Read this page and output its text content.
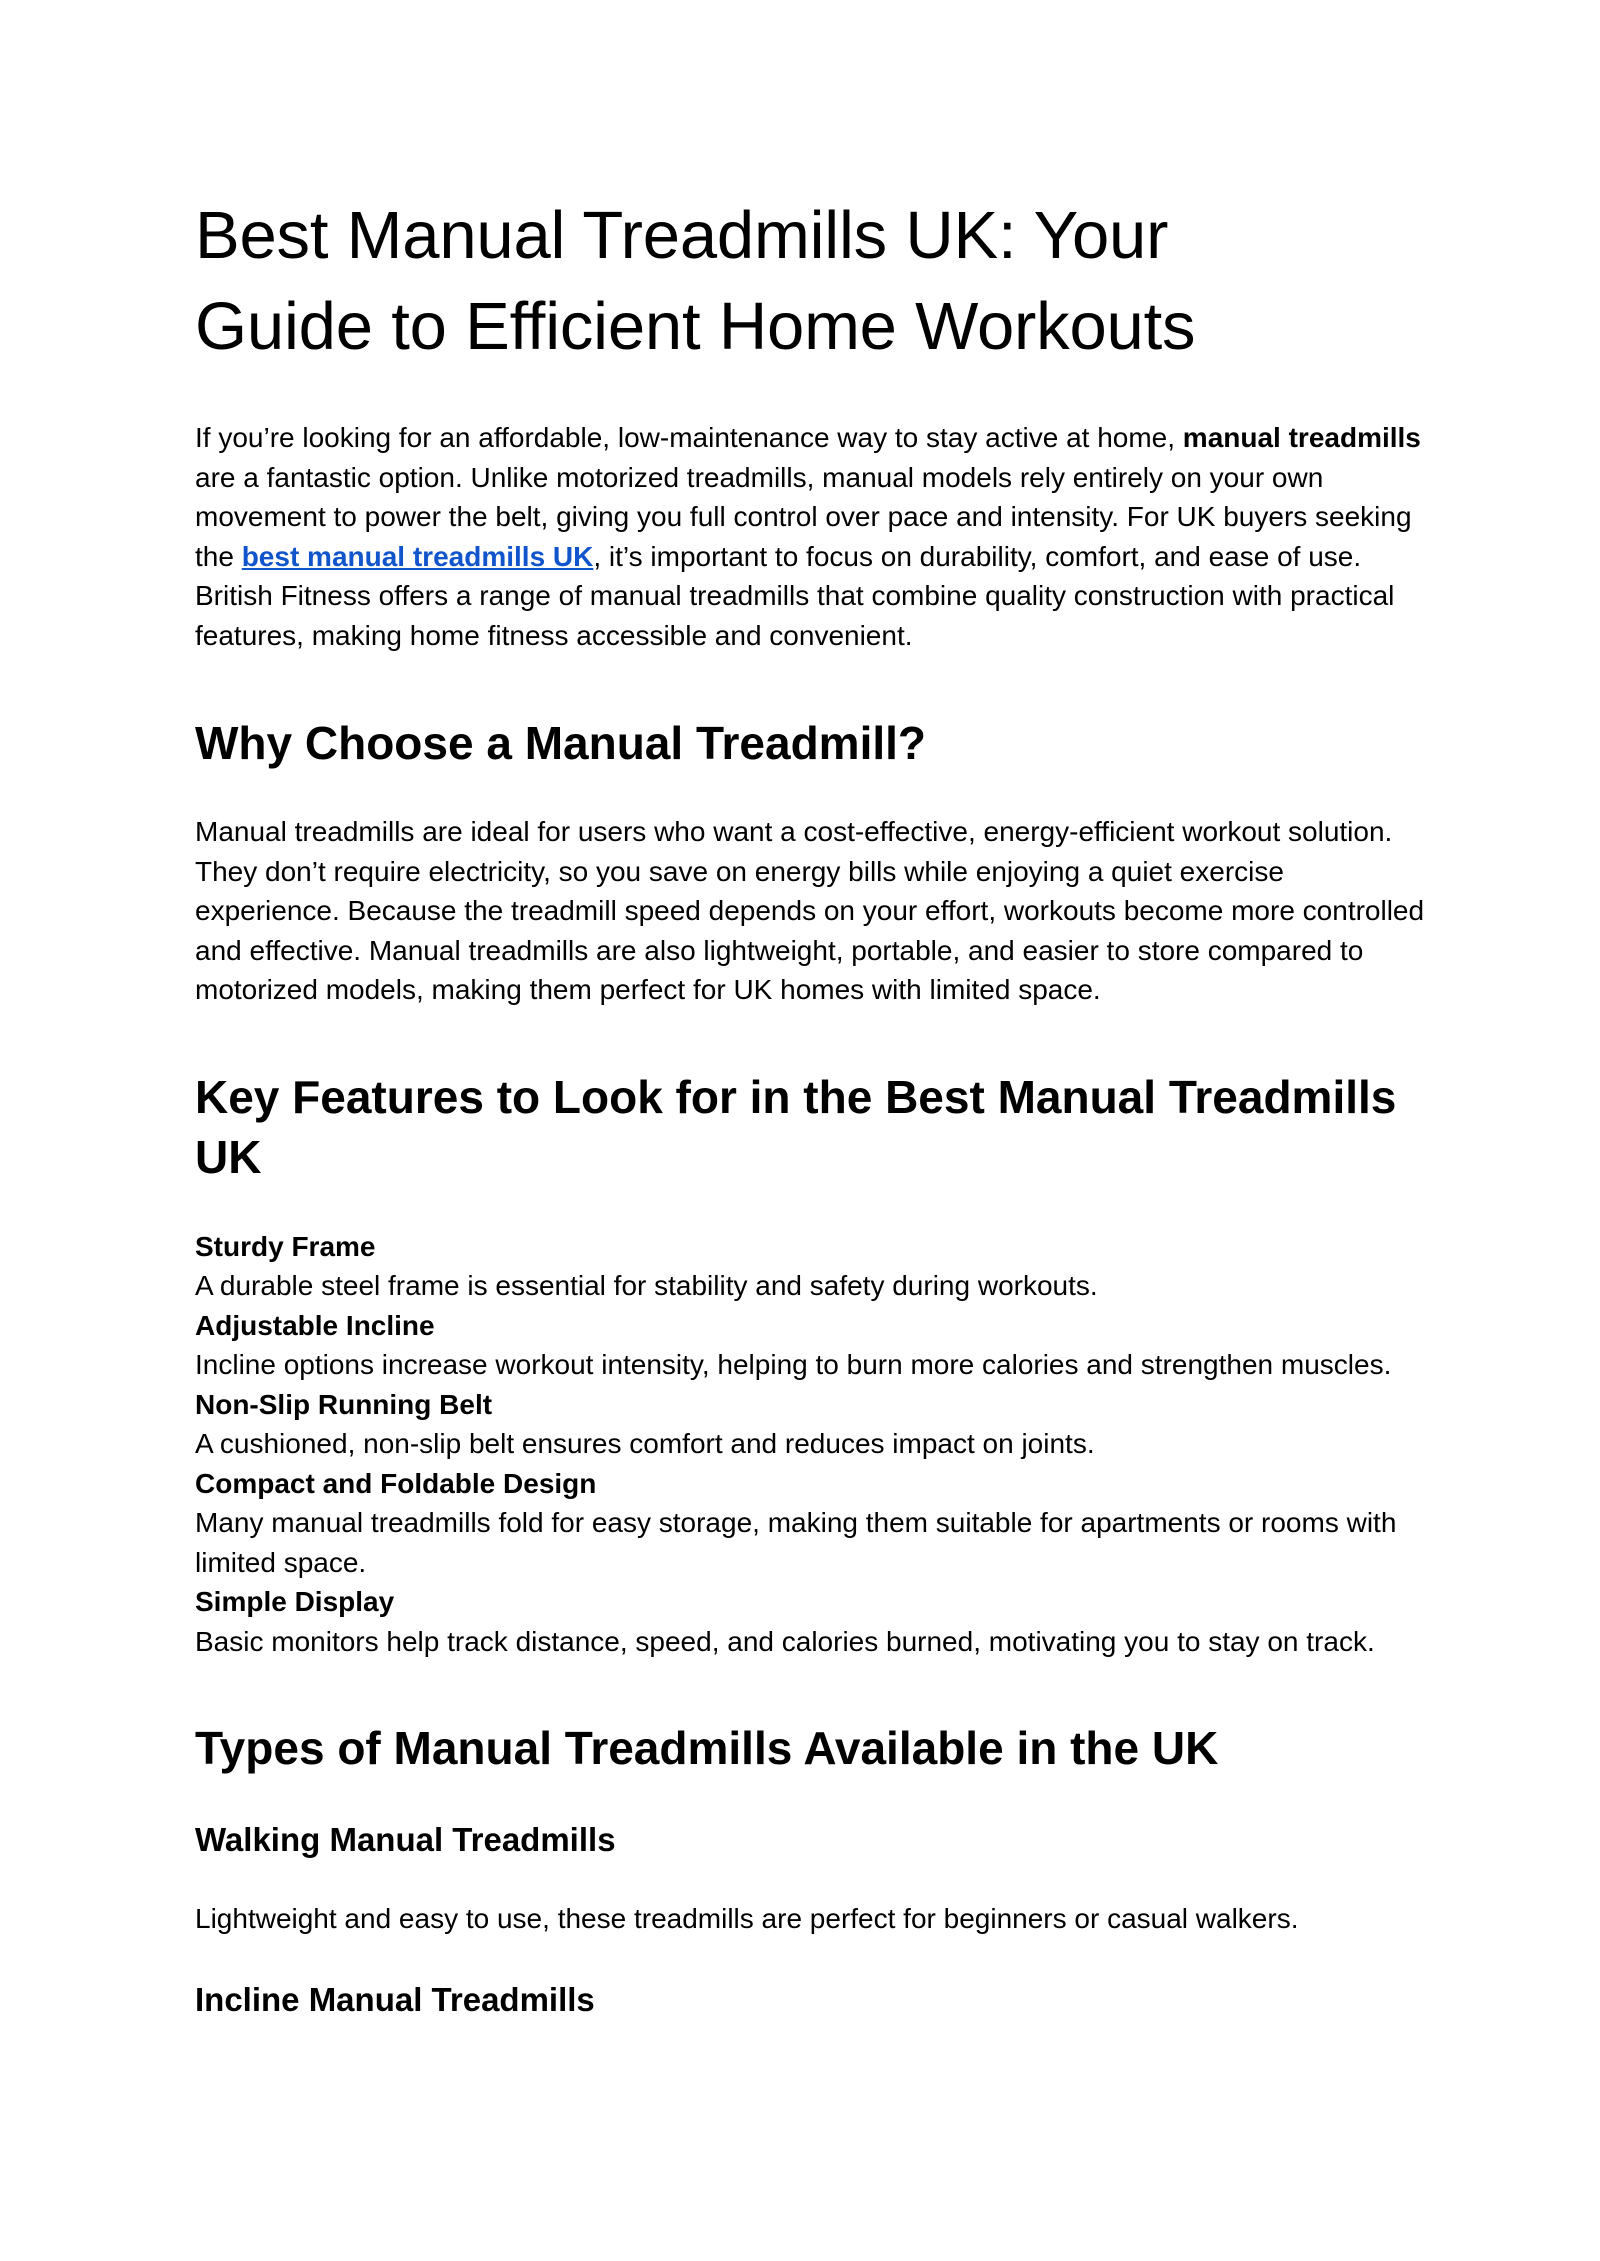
Best Manual Treadmills UK: Your
Guide to Efficient Home Workouts

If you’re looking for an affordable, low-maintenance way to stay active at home, manual treadmills are a fantastic option. Unlike motorized treadmills, manual models rely entirely on your own movement to power the belt, giving you full control over pace and intensity. For UK buyers seeking the best manual treadmills UK, it’s important to focus on durability, comfort, and ease of use. British Fitness offers a range of manual treadmills that combine quality construction with practical features, making home fitness accessible and convenient.

Why Choose a Manual Treadmill?

Manual treadmills are ideal for users who want a cost-effective, energy-efficient workout solution. They don’t require electricity, so you save on energy bills while enjoying a quiet exercise experience. Because the treadmill speed depends on your effort, workouts become more controlled and effective. Manual treadmills are also lightweight, portable, and easier to store compared to motorized models, making them perfect for UK homes with limited space.

Key Features to Look for in the Best Manual Treadmills UK
Sturdy Frame
A durable steel frame is essential for stability and safety during workouts.
Adjustable Incline
Incline options increase workout intensity, helping to burn more calories and strengthen muscles.
Non-Slip Running Belt
A cushioned, non-slip belt ensures comfort and reduces impact on joints.
Compact and Foldable Design
Many manual treadmills fold for easy storage, making them suitable for apartments or rooms with limited space.
Simple Display
Basic monitors help track distance, speed, and calories burned, motivating you to stay on track.
Types of Manual Treadmills Available in the UK
Walking Manual Treadmills

Lightweight and easy to use, these treadmills are perfect for beginners or casual walkers.

Incline Manual Treadmills
